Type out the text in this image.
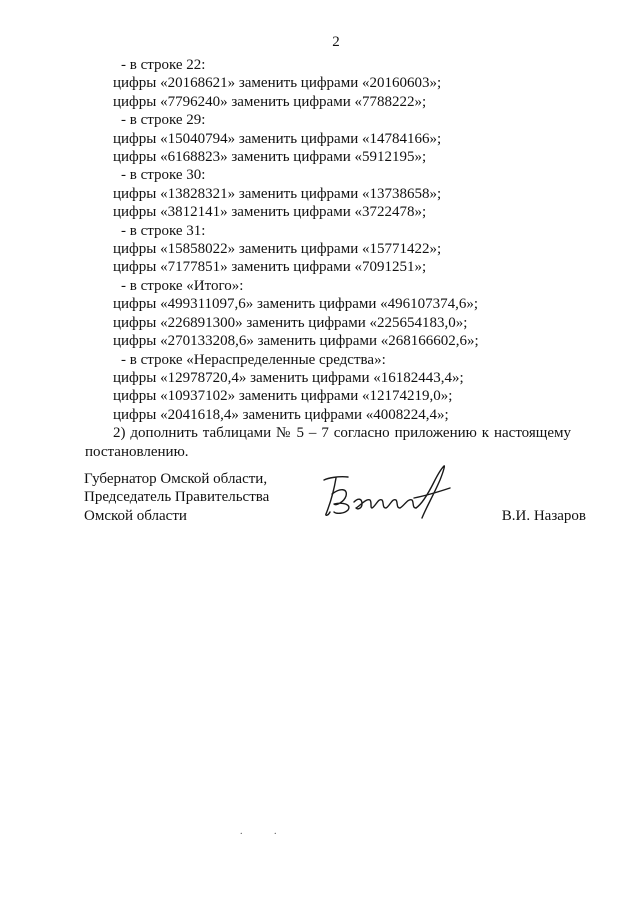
2
- в строке 22:
цифры «20168621» заменить цифрами «20160603»;
цифры «7796240» заменить цифрами «7788222»;
- в строке 29:
цифры «15040794» заменить цифрами «14784166»;
цифры «6168823» заменить цифрами «5912195»;
- в строке 30:
цифры «13828321» заменить цифрами «13738658»;
цифры «3812141» заменить цифрами «3722478»;
- в строке 31:
цифры «15858022» заменить цифрами «15771422»;
цифры «7177851» заменить цифрами «7091251»;
- в строке «Итого»:
цифры «499311097,6» заменить цифрами «496107374,6»;
цифры «226891300» заменить цифрами «225654183,0»;
цифры «270133208,6» заменить цифрами «268166602,6»;
- в строке «Нераспределенные средства»:
цифры «12978720,4» заменить цифрами «16182443,4»;
цифры «10937102» заменить цифрами «12174219,0»;
цифры «2041618,4» заменить цифрами «4008224,4»;
2) дополнить таблицами № 5 – 7 согласно приложению к настоящему
постановлению.
Губернатор Омской области,
Председатель Правительства
Омской области	В.И. Назаров
.	.
